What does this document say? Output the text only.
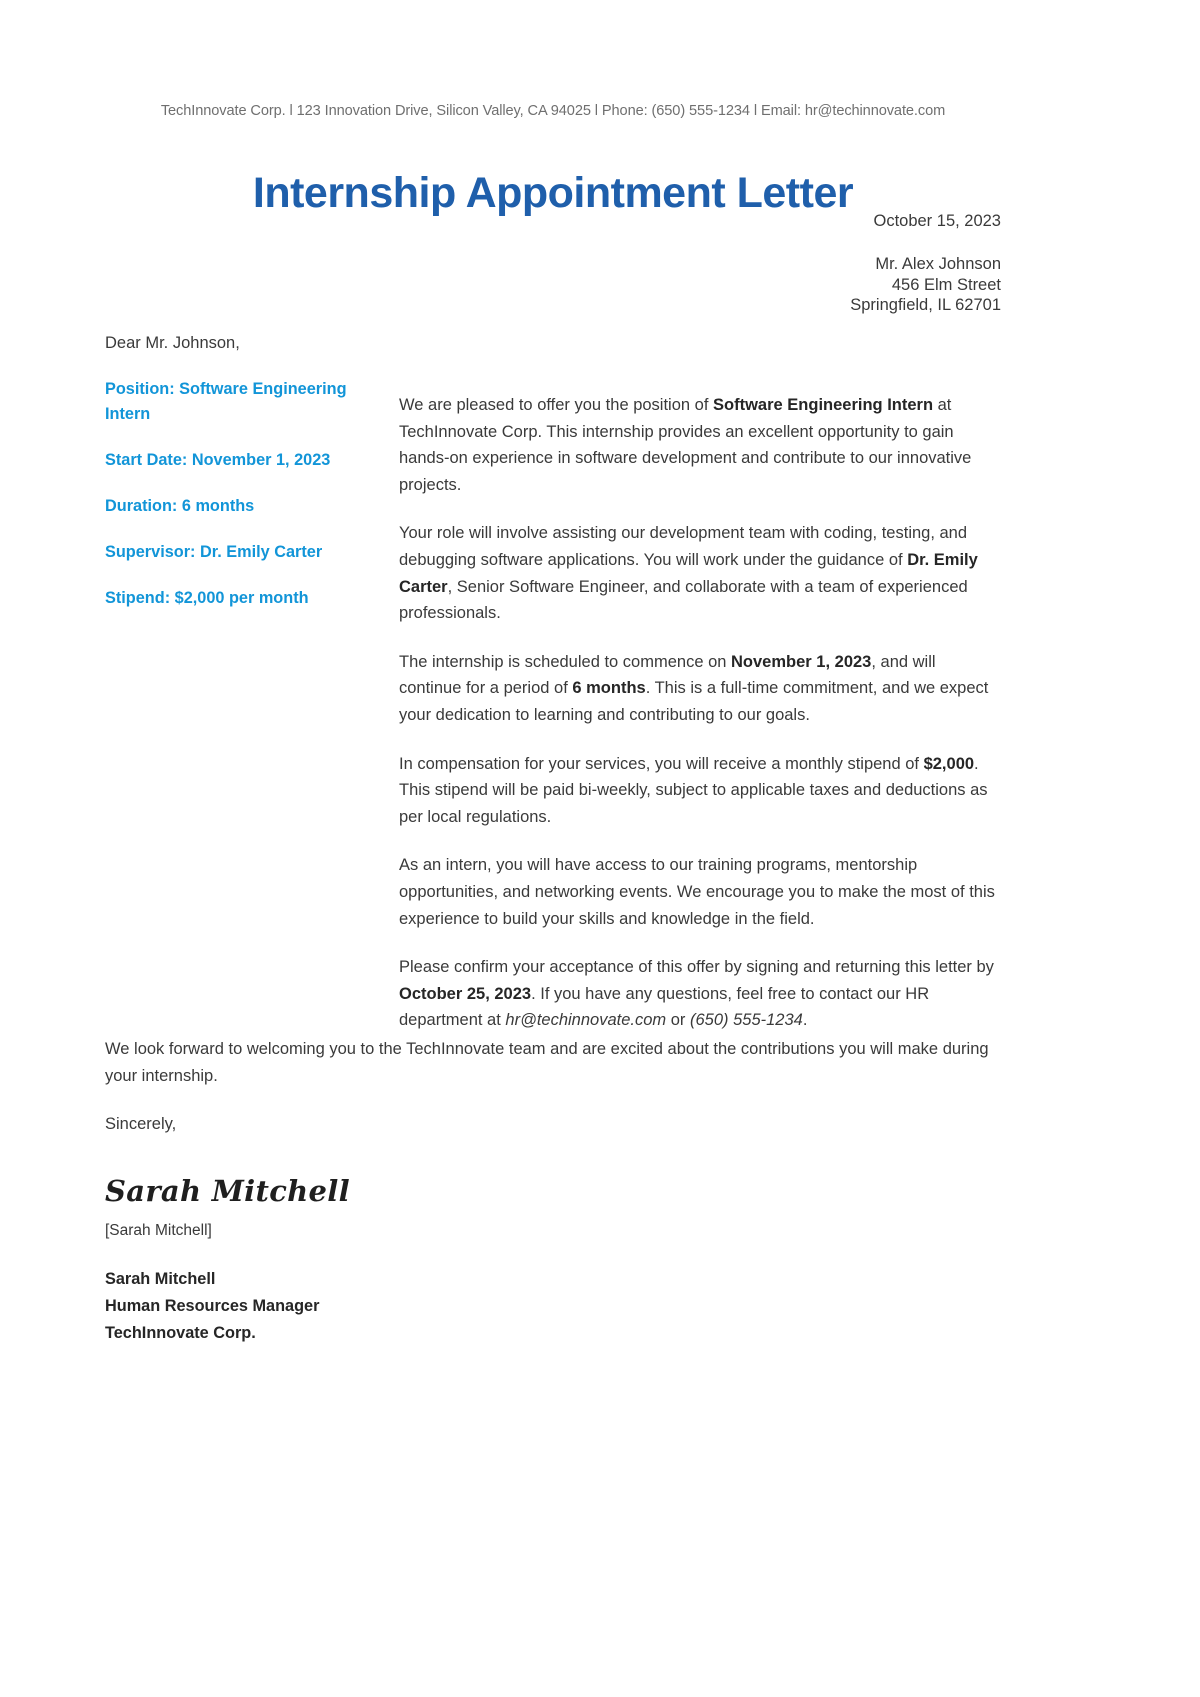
TechInnovate Corp. l 123 Innovation Drive, Silicon Valley, CA 94025 l Phone: (650) 555-1234 l Email: hr@techinnovate.com
Internship Appointment Letter
October 15, 2023
Mr. Alex Johnson
456 Elm Street
Springfield, IL 62701
Dear Mr. Johnson,

Position: Software Engineering Intern

Start Date: November 1, 2023

Duration: 6 months

Supervisor: Dr. Emily Carter

Stipend: $2,000 per month

We are pleased to offer you the position of Software Engineering Intern at TechInnovate Corp. This internship provides an excellent opportunity to gain hands-on experience in software development and contribute to our innovative projects.

Your role will involve assisting our development team with coding, testing, and debugging software applications. You will work under the guidance of Dr. Emily Carter, Senior Software Engineer, and collaborate with a team of experienced professionals.

The internship is scheduled to commence on November 1, 2023, and will continue for a period of 6 months. This is a full-time commitment, and we expect your dedication to learning and contributing to our goals.

In compensation for your services, you will receive a monthly stipend of $2,000. This stipend will be paid bi-weekly, subject to applicable taxes and deductions as per local regulations.

As an intern, you will have access to our training programs, mentorship opportunities, and networking events. We encourage you to make the most of this experience to build your skills and knowledge in the field.

Please confirm your acceptance of this offer by signing and returning this letter by October 25, 2023. If you have any questions, feel free to contact our HR department at hr@techinnovate.com or (650) 555-1234.

We look forward to welcoming you to the TechInnovate team and are excited about the contributions you will make during your internship.

Sincerely,

Sarah Mitchell
[Sarah Mitchell]
Sarah Mitchell
Human Resources Manager
TechInnovate Corp.
